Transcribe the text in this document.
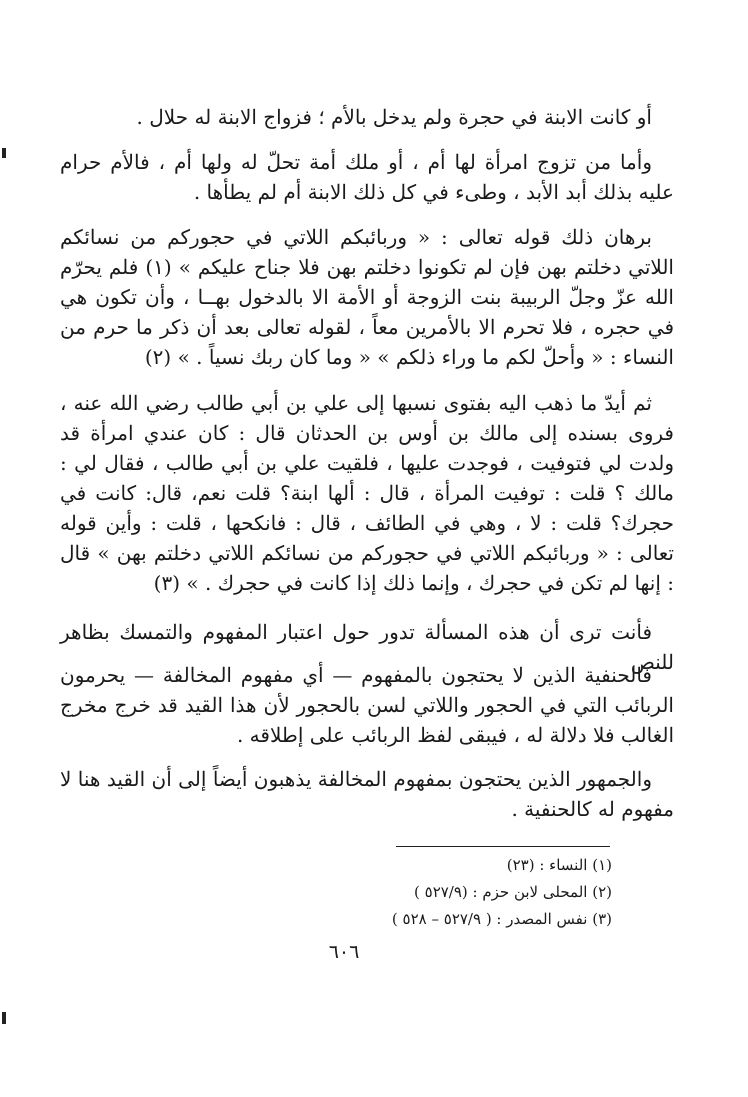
أو كانت الابنة في حجرة ولم يدخل بالأم ؛ فزواج الابنة له حلال .

وأما من تزوج امرأة لها أم ، أو ملك أمة تحلّ له ولها أم ، فالأم حرام عليه بذلك أبد الأبد ، وطىء في كل ذلك الابنة أم لم يطأها .

برهان ذلك قوله تعالى : « وربائبكم اللاتي في حجوركم من نسائكم اللاتي دخلتم بهن فإن لم تكونوا دخلتم بهن فلا جناح عليكم » (١) فلم يحرّم الله عزّ وجلّ الربيبة بنت الزوجة أو الأمة الا بالدخول بهــا ، وأن تكون هي في حجره ، فلا تحرم الا بالأمرين معاً ، لقوله تعالى بعد أن ذكر ما حرم من النساء : « وأحلّ لكم ما وراء ذلكم » « وما كان ربك نسياً . » (٢)

ثم أيدّ ما ذهب اليه بفتوى نسبها إلى علي بن أبي طالب رضي الله عنه ، فروى بسنده إلى مالك بن أوس بن الحدثان قال : كان عندي امرأة قد ولدت لي فتوفيت ، فوجدت عليها ، فلقيت علي بن أبي طالب ، فقال لي : مالك ؟ قلت : توفيت المرأة ، قال : ألها ابنة؟ قلت نعم، قال: كانت في حجرك؟ قلت : لا ، وهي في الطائف ، قال : فانكحها ، قلت : وأين قوله تعالى : « وربائبكم اللاتي في حجوركم من نسائكم اللاتي دخلتم بهن » قال : إنها لم تكن في حجرك ، وإنما ذلك إذا كانت في حجرك . » (٣)

فأنت ترى أن هذه المسألة تدور حول اعتبار المفهوم والتمسك بظاهر للنص

فالحنفية الذين لا يحتجون بالمفهوم — أي مفهوم المخالفة — يحرمون الربائب التي في الحجور واللاتي لسن بالحجور لأن هذا القيد قد خرج مخرج الغالب فلا دلالة له ، فيبقى لفظ الربائب على إطلاقه .

والجمهور الذين يحتجون بمفهوم المخالفة يذهبون أيضاً إلى أن القيد هنا لا مفهوم له كالحنفية .

(١) النساء : (٢٣)
(٢) المحلى لابن حزم : (٥٢٧/٩ )
(٣) نفس المصدر : ( ٥٢٧/٩ – ٥٢٨ )
٦٠٦
